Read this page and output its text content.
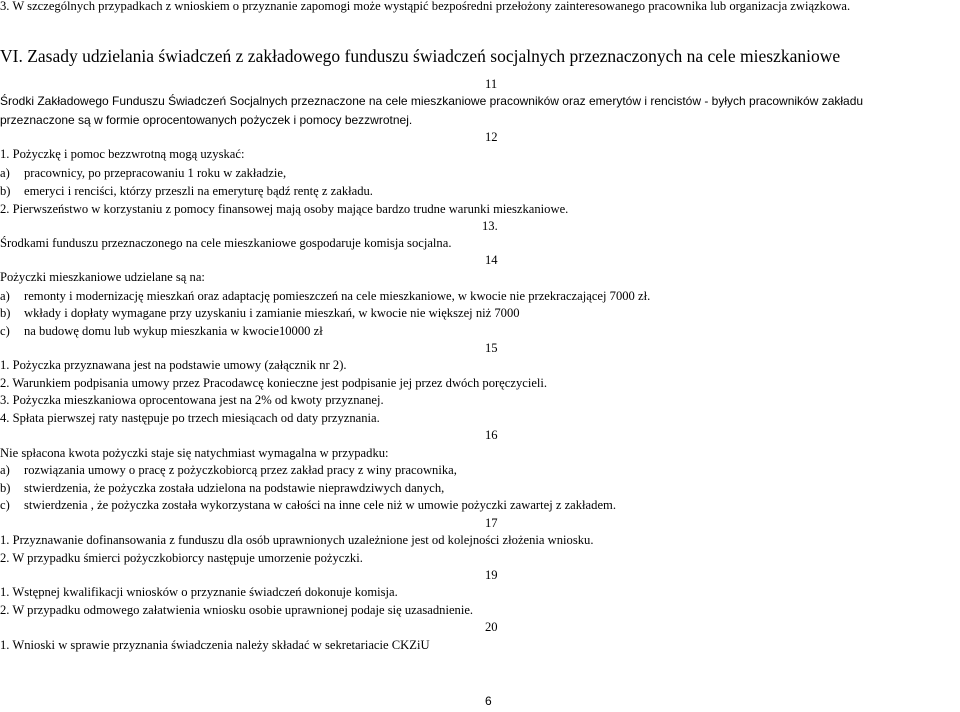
3. W szczególnych przypadkach z wnioskiem o przyznanie zapomogi może wystąpić bezpośredni przełożony zainteresowanego pracownika lub organizacja związkowa.
VI. Zasady udzielania świadczeń z zakładowego funduszu świadczeń socjalnych przeznaczonych na cele mieszkaniowe
11
Środki Zakładowego Funduszu Świadczeń Socjalnych przeznaczone na cele mieszkaniowe pracowników oraz emerytów i rencistów - byłych pracowników zakładu
przeznaczone są w formie oprocentowanych pożyczek i pomocy bezzwrotnej.
12
1. Pożyczkę i pomoc bezzwrotną mogą uzyskać:
a) pracownicy, po przepracowaniu 1 roku w zakładzie,
b) emeryci i renciści, którzy przeszli na emeryturę bądź rentę z zakładu.
2. Pierwszeństwo w korzystaniu z pomocy finansowej mają osoby mające bardzo trudne warunki mieszkaniowe.
13.
Środkami funduszu przeznaczonego na cele mieszkaniowe gospodaruje komisja socjalna.
14
Pożyczki mieszkaniowe udzielane są na:
a) remonty i modernizację mieszkań oraz adaptację pomieszczeń na cele mieszkaniowe, w kwocie nie przekraczającej 7000 zł.
b) wkłady i dopłaty wymagane przy uzyskaniu i zamianie mieszkań, w kwocie nie większej niż 7000
c) na budowę domu lub wykup mieszkania w kwocie10000 zł
15
1. Pożyczka przyznawana jest na podstawie umowy (załącznik nr 2).
2. Warunkiem podpisania umowy przez Pracodawcę konieczne jest podpisanie jej przez dwóch poręczycieli.
3. Pożyczka mieszkaniowa oprocentowana jest na 2% od kwoty przyznanej.
4. Spłata pierwszej raty następuje po trzech miesiącach od daty przyznania.
16
Nie spłacona kwota pożyczki staje się natychmiast wymagalna w przypadku:
a) rozwiązania umowy o pracę z pożyczkobiorcą przez zakład pracy z winy pracownika,
b) stwierdzenia, że pożyczka została udzielona na podstawie nieprawdziwych danych,
c) stwierdzenia , że pożyczka została wykorzystana w całości na inne cele niż w umowie pożyczki zawartej z zakładem.
17
1. Przyznawanie dofinansowania z funduszu dla osób uprawnionych uzależnione jest od kolejności złożenia wniosku.
2. W przypadku śmierci pożyczkobiorcy następuje umorzenie pożyczki.
19
1. Wstępnej kwalifikacji wniosków o przyznanie świadczeń dokonuje komisja.
2. W przypadku odmowego załatwienia wniosku osobie uprawnionej podaje się uzasadnienie.
20
1. Wnioski w sprawie przyznania świadczenia należy składać w sekretariacie CKZiU
6
